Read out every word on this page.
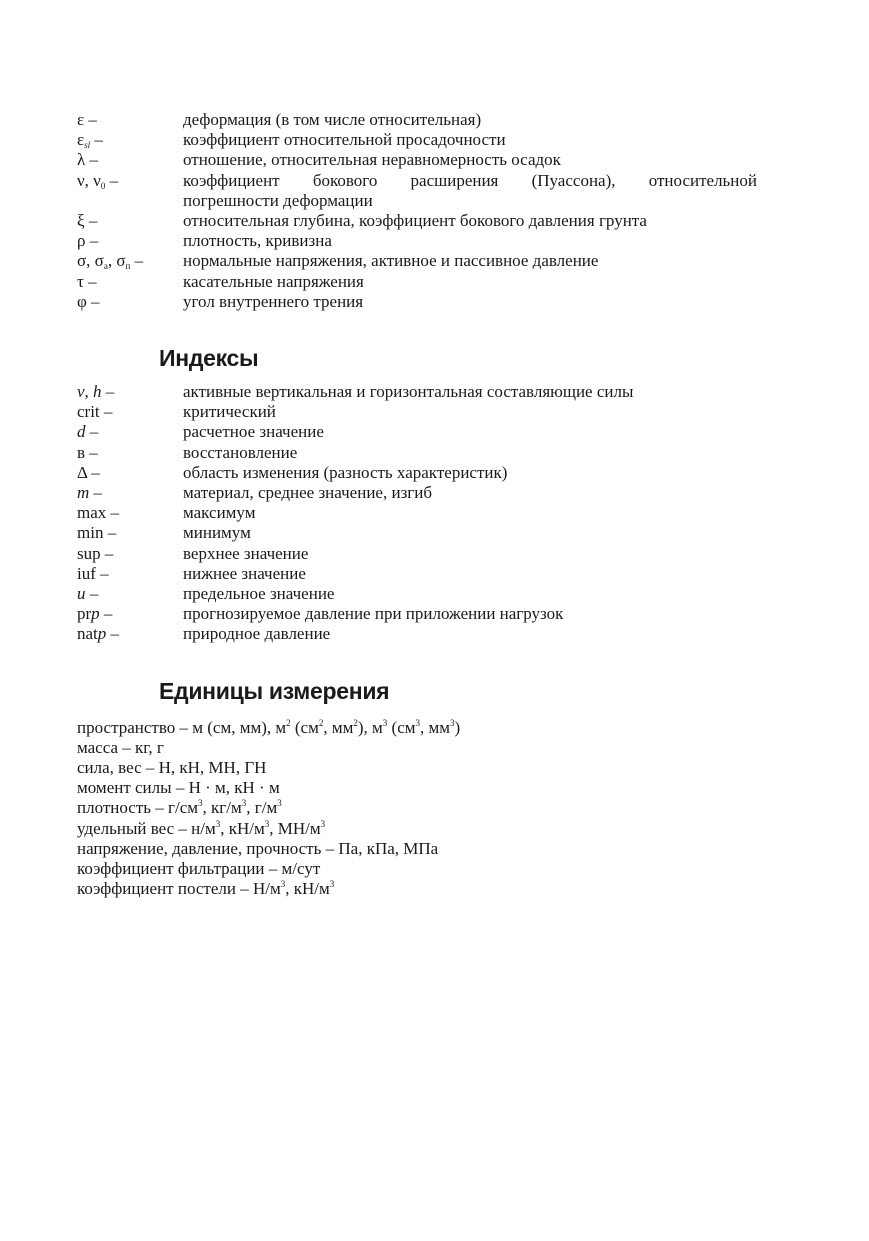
ε –	деформация (в том числе относительная)
$\varepsilon_{sl}$ –	коэффициент относительной просадочности
λ –	отношение, относительная неравномерность осадок
ν, $\nu_0$ –	коэффициент бокового расширения (Пуассона), относительной
погрешности деформации
ξ –	относительная глубина, коэффициент бокового давления грунта
ρ –	плотность, кривизна
σ, $\sigma_а$, $\sigma_п$ –	нормальные напряжения, активное и пассивное давление
τ –	касательные напряжения
φ –	угол внутреннего трения
Индексы
v, h –	активные вертикальная и горизонтальная составляющие силы
crit –	критический
d –	расчетное значение
в –	восстановление
Δ –	область изменения (разность характеристик)
m –	материал, среднее значение, изгиб
max –	максимум
min –	минимум
sup –	верхнее значение
iuf –	нижнее значение
u –	предельное значение
prp –	прогнозируемое давление при приложении нагрузок
natp –	природное давление
Единицы измерения
пространство – м (см, мм), $м^2$ ($см^2$, $мм^2$), $м^3$ ($см^3$, $мм^3$)
масса – кг, г
сила, вес – Н, кН, МН, ГН
момент силы – Н · м, кН · м
плотность – $г/см^3$, $кг/м^3$, $г/м^3$
удельный вес – $н/м^3$, $кН/м^3$, $МН/м^3$
напряжение, давление, прочность – Па, кПа, МПа
коэффициент фильтрации – м/сут
коэффициент постели – $Н/м^3$, $кН/м^3$
